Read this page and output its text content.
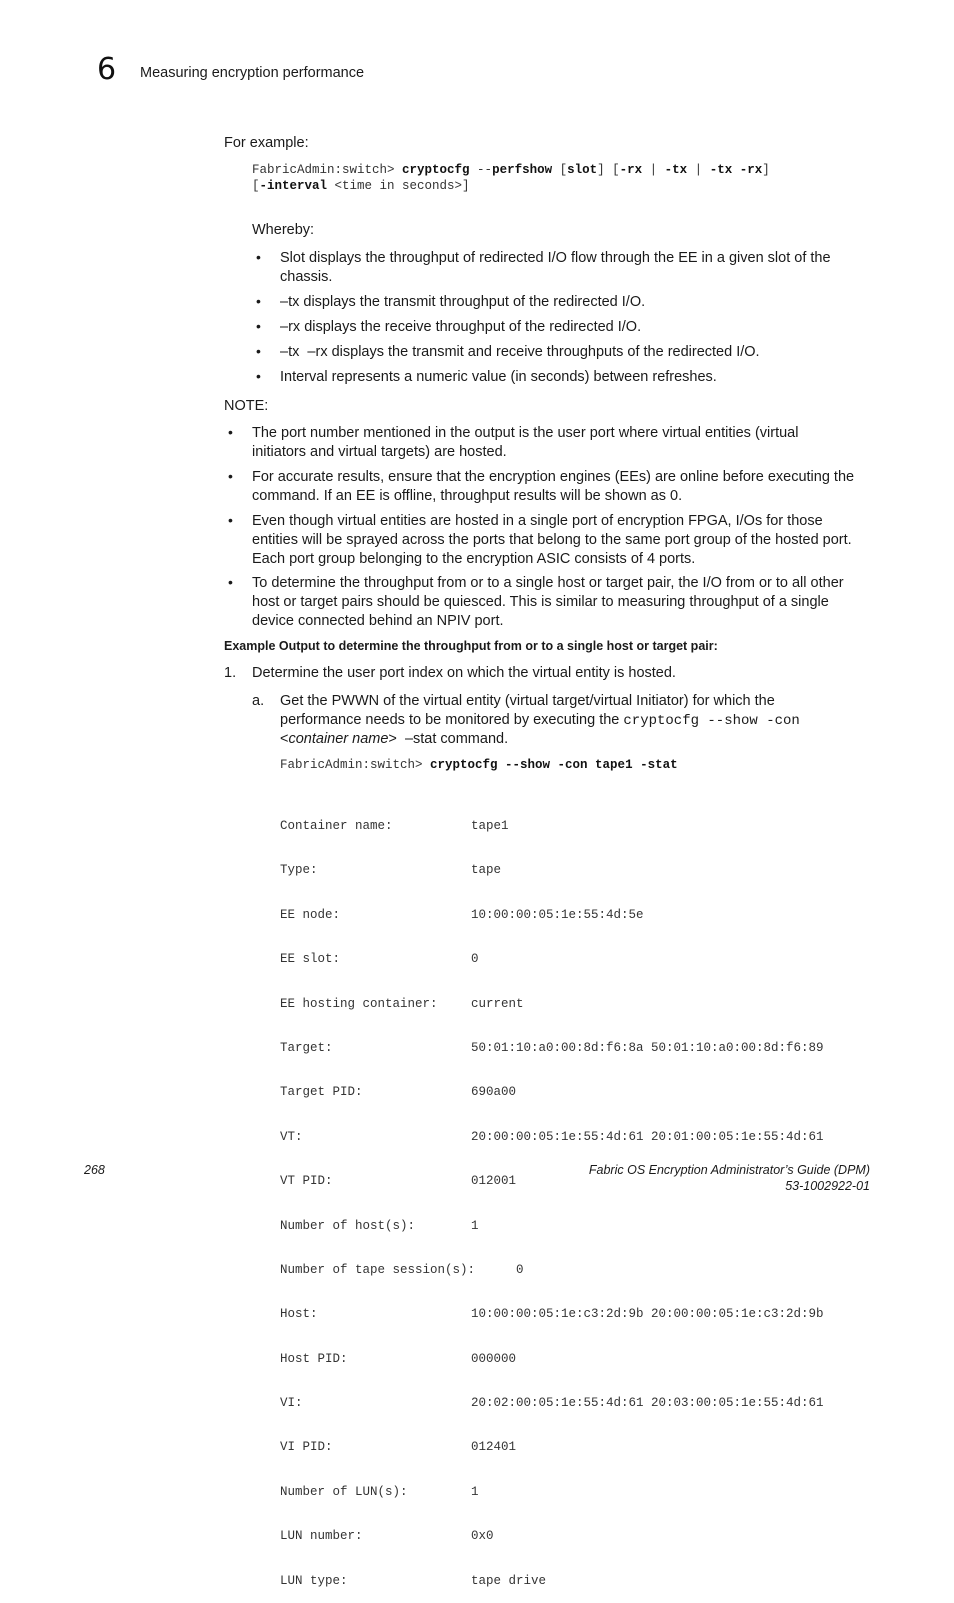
6 Measuring encryption performance
For example:
FabricAdmin:switch> cryptocfg --perfshow [slot] [-rx | -tx | -tx -rx]
[-interval <time in seconds>]
Whereby:
• Slot displays the throughput of redirected I/O flow through the EE in a given slot of the
chassis.
• –tx displays the transmit throughput of the redirected I/O.
• –rx displays the receive throughput of the redirected I/O.
• –tx  –rx displays the transmit and receive throughputs of the redirected I/O.
• Interval represents a numeric value (in seconds) between refreshes.
NOTE:
• The port number mentioned in the output is the user port where virtual entities (virtual
initiators and virtual targets) are hosted.
• For accurate results, ensure that the encryption engines (EEs) are online before executing the
command. If an EE is offline, throughput results will be shown as 0.
• Even though virtual entities are hosted in a single port of encryption FPGA, I/Os for those
entities will be sprayed across the ports that belong to the same port group of the hosted port.
Each port group belonging to the encryption ASIC consists of 4 ports.
• To determine the throughput from or to a single host or target pair, the I/O from or to all other
host or target pairs should be quiesced. This is similar to measuring throughput of a single
device connected behind an NPIV port.
Example Output to determine the throughput from or to a single host or target pair:
1. Determine the user port index on which the virtual entity is hosted.
a. Get the PWWN of the virtual entity (virtual target/virtual Initiator) for which the
performance needs to be monitored by executing the cryptocfg --show -con
<container name>  –stat command.
FabricAdmin:switch> cryptocfg --show -con tape1 -stat

Container name:	tape1

Type:	tape

EE node:	10:00:00:05:1e:55:4d:5e

EE slot:	0

EE hosting container:	current

Target:	50:01:10:a0:00:8d:f6:8a 50:01:10:a0:00:8d:f6:89

Target PID:	690a00

VT:	20:00:00:05:1e:55:4d:61 20:01:00:05:1e:55:4d:61

VT PID:	012001

Number of host(s):	1

Number of tape session(s):      0

Host:	10:00:00:05:1e:c3:2d:9b 20:00:00:05:1e:c3:2d:9b

Host PID:	000000

VI:	20:02:00:05:1e:55:4d:61 20:03:00:05:1e:55:4d:61

VI PID:	012401

Number of LUN(s):	1

LUN number:	0x0

LUN type:	tape drive

268	Fabric OS Encryption Administrator’s Guide (DPM)
53-1002922-01
